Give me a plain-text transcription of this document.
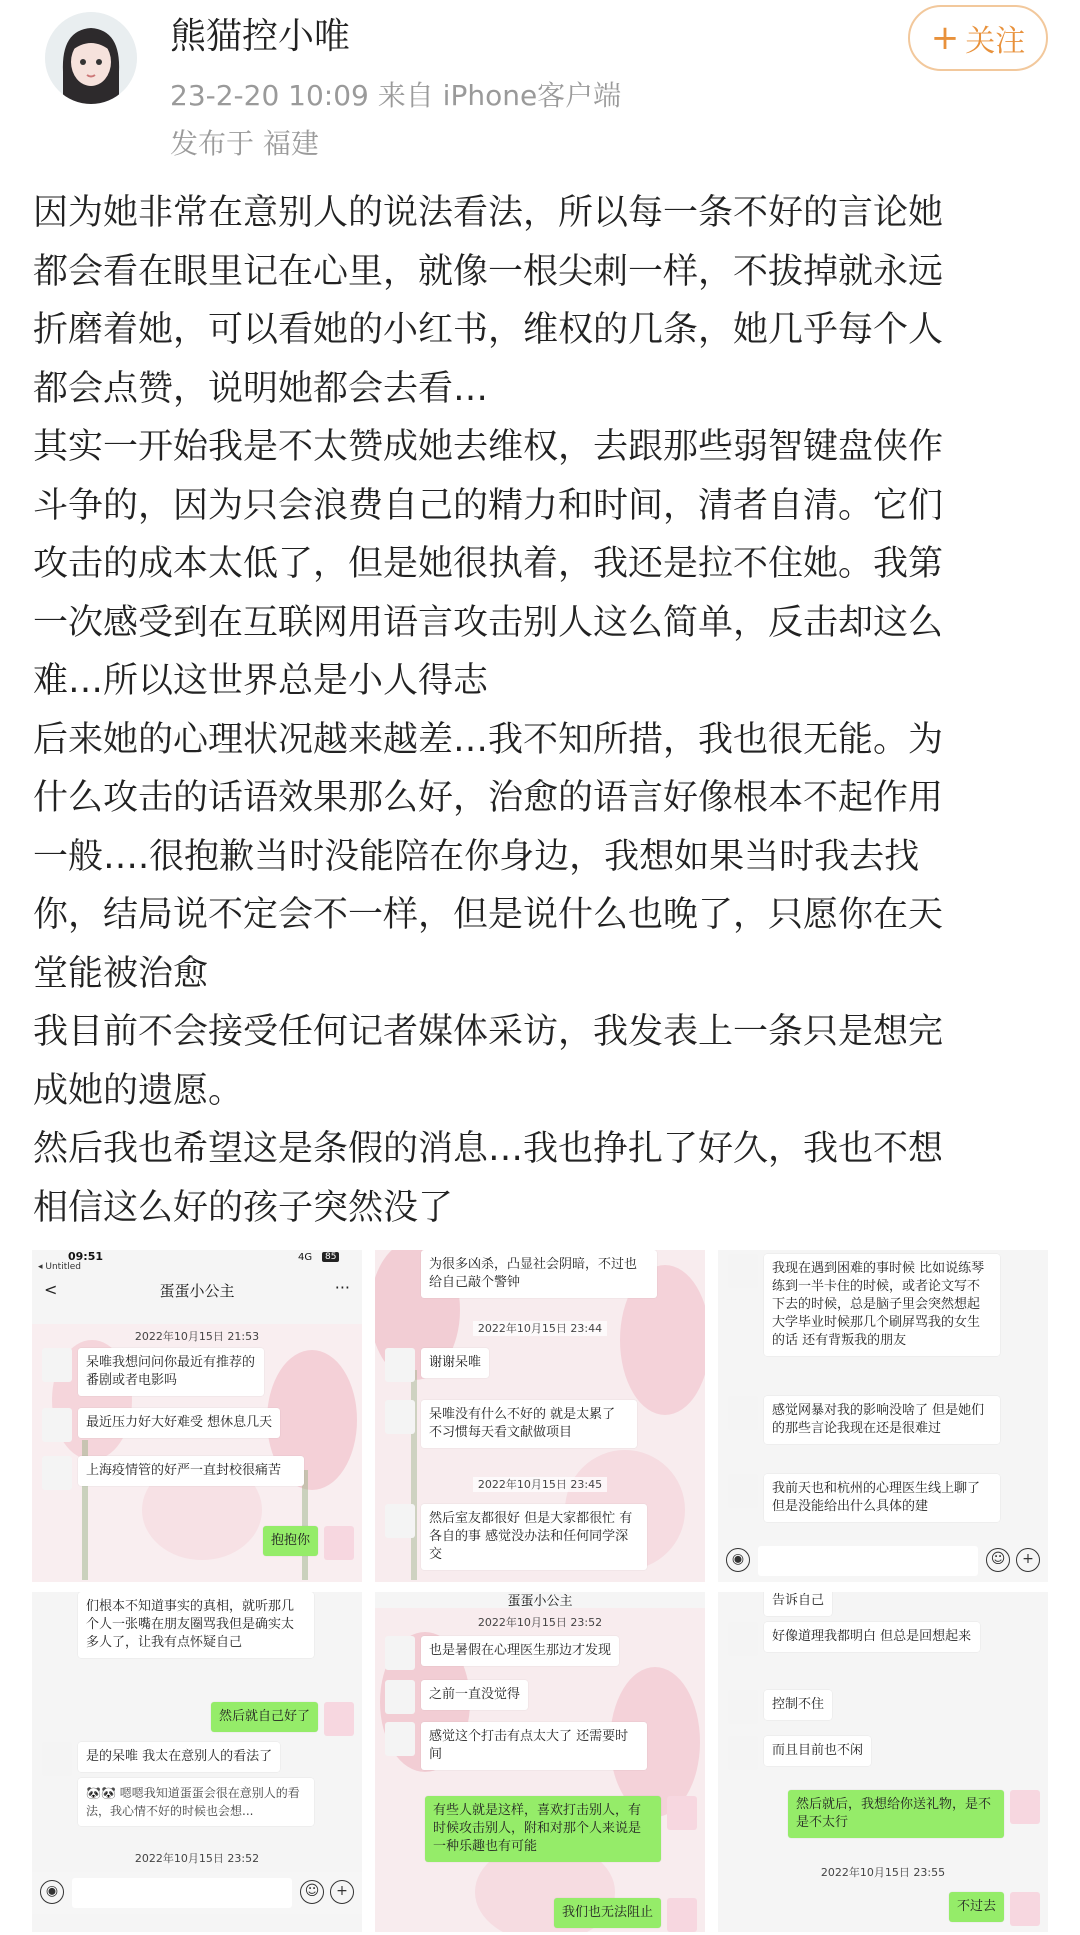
熊猫控小唯
23-2-20 10:09 来自 iPhone客户端
发布于 福建
+ 关注

因为她非常在意别人的说法看法，所以每一条不好的言论她

都会看在眼里记在心里，就像一根尖刺一样，不拔掉就永远

折磨着她，可以看她的小红书，维权的几条，她几乎每个人

都会点赞，说明她都会去看…

其实一开始我是不太赞成她去维权，去跟那些弱智键盘侠作

斗争的，因为只会浪费自己的精力和时间，清者自清。它们

攻击的成本太低了，但是她很执着，我还是拉不住她。我第

一次感受到在互联网用语言攻击别人这么简单，反击却这么

难…所以这世界总是小人得志

后来她的心理状况越来越差…我不知所措，我也很无能。为

什么攻击的话语效果那么好，治愈的语言好像根本不起作用

一般….很抱歉当时没能陪在你身边，我想如果当时我去找

你，结局说不定会不一样，但是说什么也晚了，只愿你在天

堂能被治愈

我目前不会接受任何记者媒体采访，我发表上一条只是想完

成她的遗愿。

然后我也希望这是条假的消息…我也挣扎了好久，我也不想

相信这么好的孩子突然没了

09:51
◂ Untitled
4G	85
<	蛋蛋小公主	···
2022年10月15日 21:53
呆唯我想问问你最近有推荐的番剧或者电影吗
最近压力好大好难受 想休息几天
上海疫情管的好严一直封校很痛苦
抱抱你
为很多凶杀，凸显社会阴暗，不过也给自己敲个警钟
2022年10月15日 23:44
谢谢呆唯
呆唯没有什么不好的 就是太累了 不习惯每天看文献做项目
2022年10月15日 23:45
然后室友都很好 但是大家都很忙 有各自的事 感觉没办法和任何同学深交
我现在遇到困难的事时候 比如说练琴练到一半卡住的时候，或者论文写不下去的时候，总是脑子里会突然想起大学毕业时候那几个刷屏骂我的女生的话 还有背叛我的朋友
感觉网暴对我的影响没啥了 但是她们的那些言论我现在还是很难过
我前天也和杭州的心理医生线上聊了 但是没能给出什么具体的建
◉	☺	+
们根本不知道事实的真相，就听那几个人一张嘴在朋友圈骂我但是确实太多人了，让我有点怀疑自己
然后就自己好了
是的呆唯 我太在意别人的看法了
🐼🐼 嗯嗯我知道蛋蛋会很在意别人的看法，我心情不好的时候也会想...
2022年10月15日 23:52
◉	☺	+
蛋蛋小公主
2022年10月15日 23:52
也是暑假在心理医生那边才发现
之前一直没觉得
感觉这个打击有点太大了 还需要时间
有些人就是这样，喜欢打击别人，有时候攻击别人，附和对那个人来说是一种乐趣也有可能
我们也无法阻止
告诉自己
好像道理我都明白 但总是回想起来
控制不住
而且目前也不闲
然后就后，我想给你送礼物，是不是不太行
2022年10月15日 23:55
不过去
